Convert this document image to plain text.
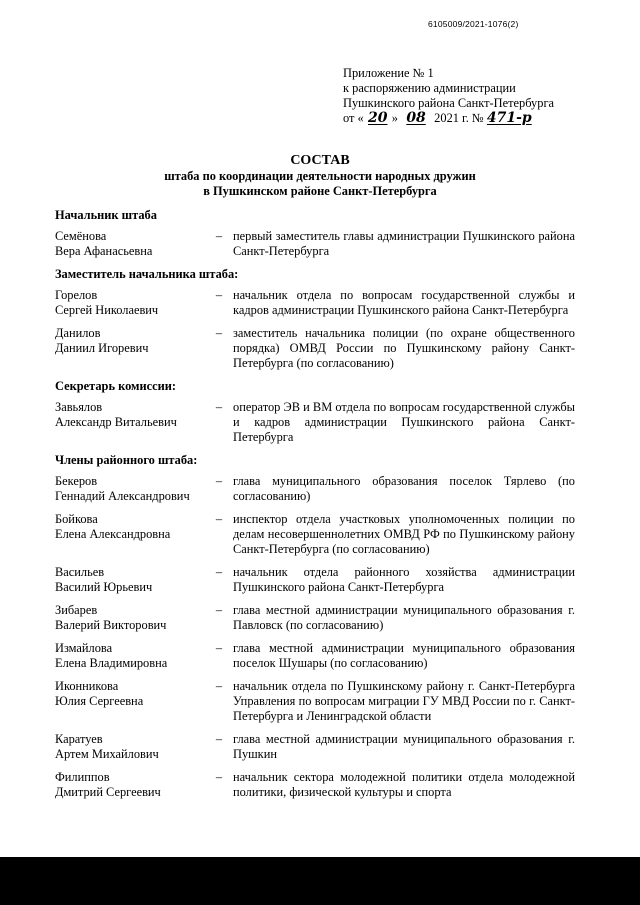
6105009/2021-1076(2)
Приложение № 1
к распоряжению администрации
Пушкинского района Санкт-Петербурга
от « 20 » 08 2021 г. № 471-р
СОСТАВ
штаба по координации деятельности народных дружин
в Пушкинском районе Санкт-Петербурга
Начальник штаба
Семёнова
Вера Афанасьевна
– первый заместитель главы администрации Пушкинского района Санкт-Петербурга
Заместитель начальника штаба:
Горелов
Сергей Николаевич
– начальник отдела по вопросам государственной службы и кадров администрации Пушкинского района Санкт-Петербурга
Данилов
Даниил Игоревич
– заместитель начальника полиции (по охране общественного порядка) ОМВД России по Пушкинскому району Санкт-Петербурга (по согласованию)
Секретарь комиссии:
Завьялов
Александр Витальевич
– оператор ЭВ и ВМ отдела по вопросам государственной службы и кадров администрации Пушкинского района Санкт-Петербурга
Члены районного штаба:
Бекеров
Геннадий Александрович
– глава муниципального образования поселок Тярлево (по согласованию)
Бойкова
Елена Александровна
– инспектор отдела участковых уполномоченных полиции по делам несовершеннолетних ОМВД РФ по Пушкинскому району Санкт-Петербурга (по согласованию)
Васильев
Василий Юрьевич
– начальник отдела районного хозяйства администрации Пушкинского района Санкт-Петербурга
Зибарев
Валерий Викторович
– глава местной администрации муниципального образования г. Павловск (по согласованию)
Измайлова
Елена Владимировна
– глава местной администрации муниципального образования поселок Шушары (по согласованию)
Иконникова
Юлия Сергеевна
– начальник отдела по Пушкинскому району г. Санкт-Петербурга Управления по вопросам миграции ГУ МВД России по г. Санкт-Петербурга и Ленинградской области
Каратуев
Артем Михайлович
– глава местной администрации муниципального образования г. Пушкин
Филиппов
Дмитрий Сергеевич
– начальник сектора молодежной политики отдела молодежной политики, физической культуры и спорта
